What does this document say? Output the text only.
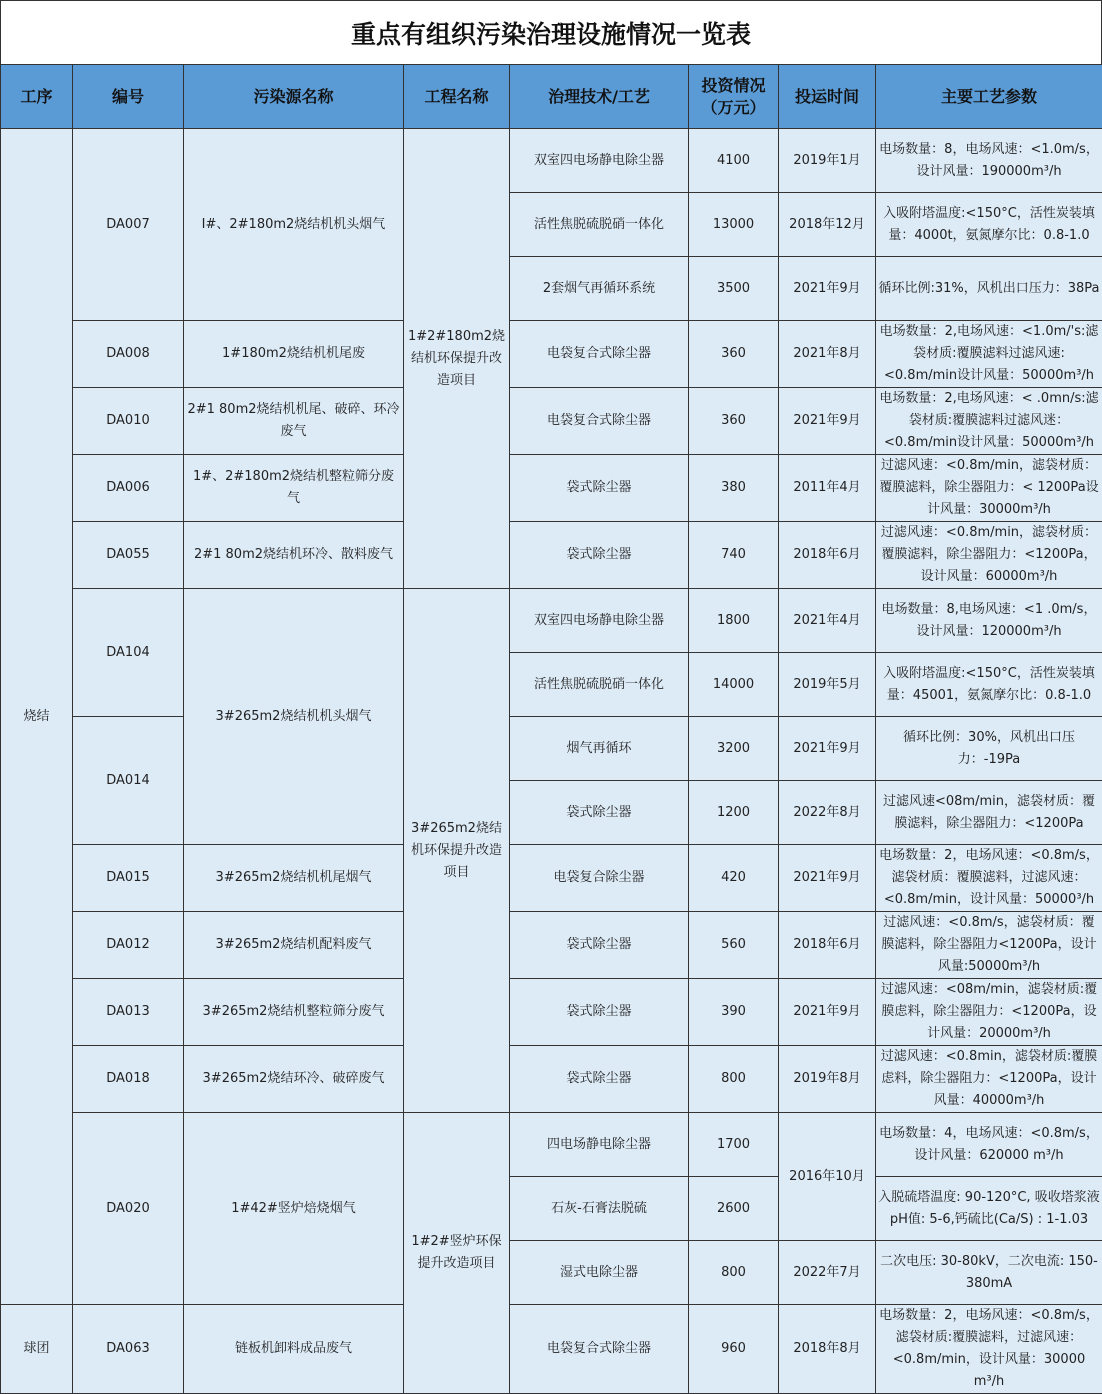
重点有组织污染治理设施情况一览表
工序	编号	污染源名称	工程名称	治理技术/工艺	投资情况（万元）	投运时间	主要工艺参数
烧结	DA007	I#、2#180m2烧结机机头烟气	1#2#180m2烧结机环保提升改造项目	双室四电场静电除尘器	4100	2019年1月	电场数量：8，电场风速：<1.0m/s，设计风量：190000m³/h
				活性焦脱硫脱硝一体化	13000	2018年12月	入吸附塔温度:<150°C，活性炭装填量：4000t，氨氮摩尔比：0.8-1.0
				2套烟气再循环系统	3500	2021年9月	循环比例:31%，风机出口压力：38Pa
	DA008	1#180m2烧结机机尾废		电袋复合式除尘器	360	2021年8月	电场数量：2,电场风速：<1.0m/'s:滤袋材质:覆膜滤料过滤风速:<0.8m/min设计风量：50000m³/h
	DA010	2#1 80m2烧结机机尾、破碎、环冷废气		电袋复合式除尘器	360	2021年9月	电场数量：2,电场风速：< .0mn/s:滤袋材质:覆膜滤料过滤风迷：<0.8m/min设计风量：50000m³/h
	DA006	1#、2#180m2烧结机整粒筛分废气		袋式除尘器	380	2011年4月	过滤风速：<0.8m/min，滤袋材质：覆膜滤料，除尘器阻力：< 1200Pa设计风量：30000m³/h
	DA055	2#1 80m2烧结机环冷、散料废气		袋式除尘器	740	2018年6月	过滤风速：<0.8m/min，滤袋材质：覆膜滤料，除尘器阻力：<1200Pa，设计风量：60000m³/h
	DA104	3#265m2烧结机机头烟气	3#265m2烧结机环保提升改造项目	双室四电场静电除尘器	1800	2021年4月	电场数量：8,电场风速：<1 .0m/s，设计风量：120000m³/h
				活性焦脱硫脱硝一体化	14000	2019年5月	入吸附塔温度:<150°C，活性炭装填量：45001，氨氮摩尔比：0.8-1.0
	DA014			烟气再循环	3200	2021年9月	循环比例：30%，风机出口压力：-19Pa
				袋式除尘器	1200	2022年8月	过滤风速<08m/min，滤袋材质：覆膜滤料，除尘器阻力：<1200Pa
	DA015	3#265m2烧结机机尾烟气		电袋复合除尘器	420	2021年9月	电场数量：2，电场风速：<0.8m/s，滤袋材质：覆膜滤料，过滤风速：<0.8m/min，设计风量：50000³/h
	DA012	3#265m2烧结机配料废气		袋式除尘器	560	2018年6月	过滤风速：<0.8m/s，滤袋材质：覆膜滤料，除尘器阻力<1200Pa，设计风量:50000m³/h
	DA013	3#265m2烧结机整粒筛分废气		袋式除尘器	390	2021年9月	过滤风速：<08m/min，滤袋材质:覆膜虑料，除尘器阻力：<1200Pa，设计风量：20000m³/h
	DA018	3#265m2烧结环冷、破碎废气		袋式除尘器	800	2019年8月	过滤风速：<0.8min，滤袋材质:覆膜虑料，除尘器阻力：<1200Pa，设计风量：40000m³/h
	DA020	1#42#竖炉焙烧烟气	1#2#竖炉环保提升改造项目	四电场静电除尘器	1700	2016年10月	电场数量：4，电场风速：<0.8m/s，设计风量：620000 m³/h
				石灰-石膏法脱硫	2600		入脱硫塔温度: 90-120°C, 吸收塔浆液pH值: 5-6,钙硫比(Ca/S) : 1-1.03
				湿式电除尘器	800	2022年7月	二次电压: 30-80kV，二次电流: 150-380mA
球团	DA063	链板机卸料成品废气		电袋复合式除尘器	960	2018年8月	电场数量：2，电场风速：<0.8m/s，滤袋材质:覆膜滤料，过滤风速：<0.8m/min，设计风量：30000 m³/h
